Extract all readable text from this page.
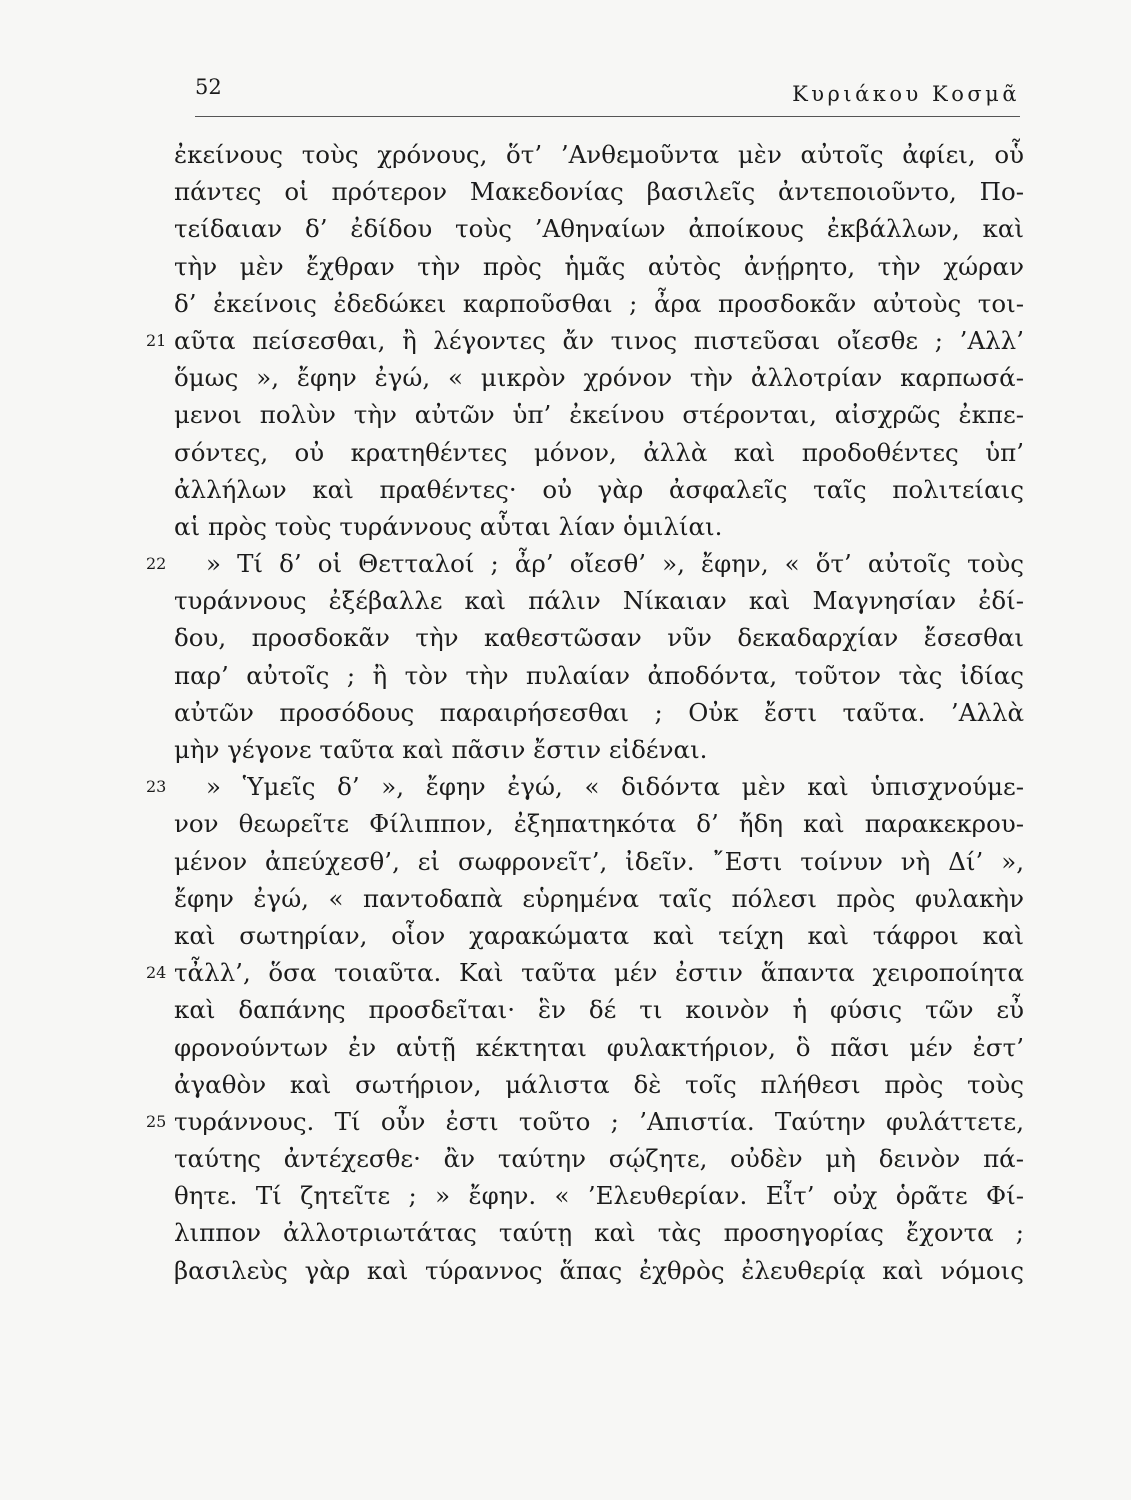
52	Κυριάκου Κοσμᾶ
ἐκείνους τοὺς χρόνους, ὅτ’ ’Ανθεμοῦντα μὲν αὐτοῖς ἀφίει, οὗ
πάντες οἱ πρότερον Μακεδονίας βασιλεῖς ἀντεποιοῦντο, Πο-
τείδαιαν δ’ ἐδίδου τοὺς ’Αθηναίων ἀποίκους ἐκβάλλων, καὶ
τὴν μὲν ἔχθραν τὴν πρὸς ἡμᾶς αὐτὸς ἀνῄρητο, τὴν χώραν
δ’ ἐκείνοις ἐδεδώκει καρποῦσθαι ; ἆρα προσδοκᾶν αὐτοὺς τοι-
21 αῦτα πείσεσθαι, ἢ λέγοντες ἄν τινος πιστεῦσαι οἴεσθε ; ’Αλλ’
ὅμως », ἔφην ἐγώ, « μικρὸν χρόνον τὴν ἀλλοτρίαν καρπωσά-
μενοι πολὺν τὴν αὐτῶν ὑπ’ ἐκείνου στέρονται, αἰσχρῶς ἐκπε-
σόντες, οὐ κρατηθέντες μόνον, ἀλλὰ καὶ προδοθέντες ὑπ’
ἀλλήλων καὶ πραθέντες· οὐ γὰρ ἀσφαλεῖς ταῖς πολιτείαις
αἱ πρὸς τοὺς τυράννους αὗται λίαν ὁμιλίαι.
22 » Τί δ’ οἱ Θετταλοί ; ἆρ’ οἴεσθ’ », ἔφην, « ὅτ’ αὐτοῖς τοὺς
τυράννους ἐξέβαλλε καὶ πάλιν Νίκαιαν καὶ Μαγνησίαν ἐδί-
δου, προσδοκᾶν τὴν καθεστῶσαν νῦν δεκαδαρχίαν ἔσεσθαι
παρ’ αὐτοῖς ; ἢ τὸν τὴν πυλαίαν ἀποδόντα, τοῦτον τὰς ἰδίας
αὐτῶν προσόδους παραιρήσεσθαι ; Οὐκ ἔστι ταῦτα. ’Αλλὰ
μὴν γέγονε ταῦτα καὶ πᾶσιν ἔστιν εἰδέναι.
23 » Ὑμεῖς δ’ », ἔφην ἐγώ, « διδόντα μὲν καὶ ὑπισχνούμε-
νον θεωρεῖτε Φίλιππον, ἐξηπατηκότα δ’ ἤδη καὶ παρακεκρου-
μένον ἀπεύχεσθ’, εἰ σωφρονεῖτ’, ἰδεῖν. ῎Εστι τοίνυν νὴ Δί’ »,
ἔφην ἐγώ, « παντοδαπὰ εὑρημένα ταῖς πόλεσι πρὸς φυλακὴν
καὶ σωτηρίαν, οἷον χαρακώματα καὶ τείχη καὶ τάφροι καὶ
24 τἆλλ’, ὅσα τοιαῦτα. Καὶ ταῦτα μέν ἐστιν ἅπαντα χειροποίητα
καὶ δαπάνης προσδεῖται· ἓν δέ τι κοινὸν ἡ φύσις τῶν εὖ
φρονούντων ἐν αὑτῇ κέκτηται φυλακτήριον, ὃ πᾶσι μέν ἐστ’
ἀγαθὸν καὶ σωτήριον, μάλιστα δὲ τοῖς πλήθεσι πρὸς τοὺς
25 τυράννους. Τί οὖν ἐστι τοῦτο ; ’Απιστία. Ταύτην φυλάττετε,
ταύτης ἀντέχεσθε· ἂν ταύτην σῴζητε, οὐδὲν μὴ δεινὸν πά-
θητε. Τί ζητεῖτε ; » ἔφην. « ’Ελευθερίαν. Εἶτ’ οὐχ ὁρᾶτε Φί-
λιππον ἀλλοτριωτάτας ταύτῃ καὶ τὰς προσηγορίας ἔχοντα ;
βασιλεὺς γὰρ καὶ τύραννος ἅπας ἐχθρὸς ἐλευθερίᾳ καὶ νόμοις
